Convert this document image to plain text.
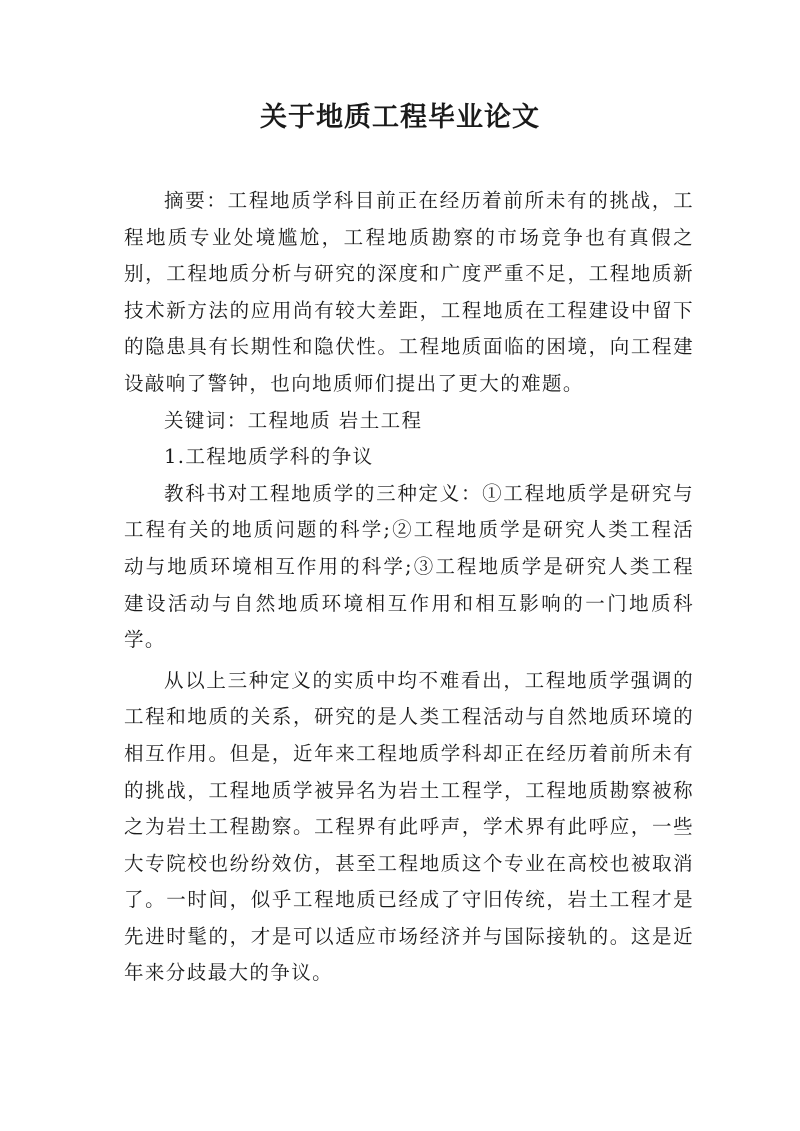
关于地质工程毕业论文

摘要：工程地质学科目前正在经历着前所未有的挑战，工程地质专业处境尴尬，工程地质勘察的市场竞争也有真假之别，工程地质分析与研究的深度和广度严重不足，工程地质新技术新方法的应用尚有较大差距，工程地质在工程建设中留下的隐患具有长期性和隐伏性。工程地质面临的困境，向工程建设敲响了警钟，也向地质师们提出了更大的难题。

关键词：工程地质 岩土工程

1.工程地质学科的争议

教科书对工程地质学的三种定义：①工程地质学是研究与工程有关的地质问题的科学;②工程地质学是研究人类工程活动与地质环境相互作用的科学;③工程地质学是研究人类工程建设活动与自然地质环境相互作用和相互影响的一门地质科学。

从以上三种定义的实质中均不难看出，工程地质学强调的工程和地质的关系，研究的是人类工程活动与自然地质环境的相互作用。但是，近年来工程地质学科却正在经历着前所未有的挑战，工程地质学被异名为岩土工程学，工程地质勘察被称之为岩土工程勘察。工程界有此呼声，学术界有此呼应，一些大专院校也纷纷效仿，甚至工程地质这个专业在高校也被取消了。一时间，似乎工程地质已经成了守旧传统，岩土工程才是先进时髦的，才是可以适应市场经济并与国际接轨的。这是近年来分歧最大的争议。
